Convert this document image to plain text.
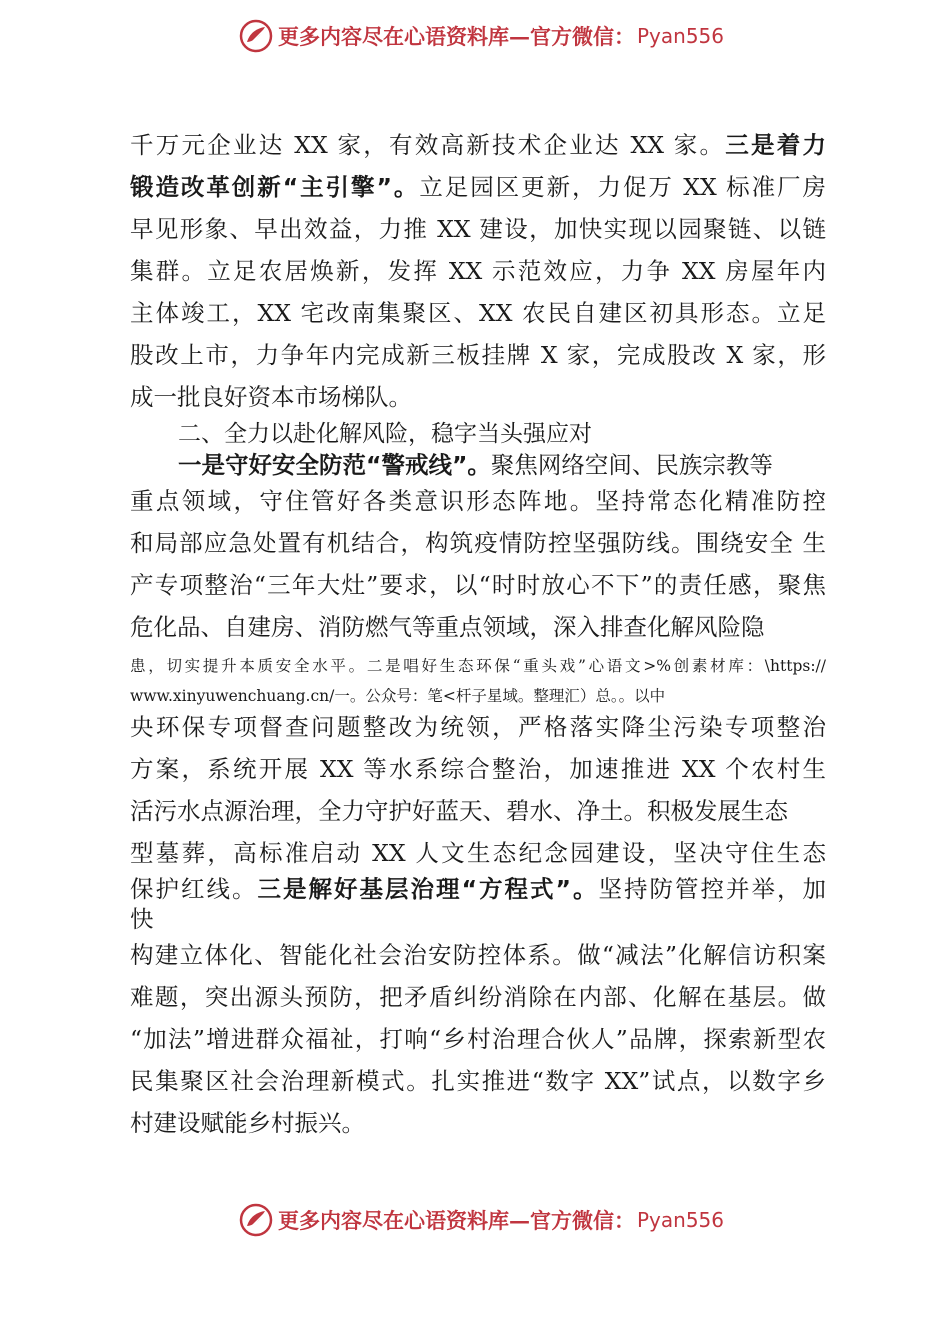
更多内容尽在心语资料库—官方微信： Pyan556
千万元企业达 XX 家，有效高新技术企业达 XX 家。三是着力
锻造改革创新“主引擎”。立足园区更新，力促万 XX 标准厂房
早见形象、早出效益，力推 XX 建设，加快实现以园聚链、以链
集群。立足农居焕新，发挥 XX 示范效应，力争 XX 房屋年内
主体竣工，XX 宅改南集聚区、XX 农民自建区初具形态。立足
股改上市，力争年内完成新三板挂牌 X 家，完成股改 X 家，形
成一批良好资本市场梯队。
二、全力以赴化解风险，稳字当头强应对
一是守好安全防范“警戒线”。聚焦网络空间、民族宗教等
重点领域，守住管好各类意识形态阵地。坚持常态化精准防控
和局部应急处置有机结合，构筑疫情防控坚强防线。围绕安全 生
产专项整治“三年大灶”要求，以“时时放心不下”的责任感，聚焦
危化品、自建房、消防燃气等重点领域，深入排查化解风险隐
患，切实提升本质安全水平。二是唱好生态环保“重头戏”心语文>%创素材库：\https://
www.xinyuwenchuang.cn/一。公众号：笔<杆子星域。整理汇）总。。以中
央环保专项督查问题整改为统领，严格落实降尘污染专项整治
方案，系统开展 XX 等水系综合整治，加速推进 XX 个农村生
活污水点源治理，全力守护好蓝天、碧水、净土。积极发展生态
型墓葬，高标准启动 XX 人文生态纪念园建设，坚决守住生态
保护红线。三是解好基层治理“方程式”。坚持防管控并举，加
快
构建立体化、智能化社会治安防控体系。做“减法”化解信访积案
难题，突出源头预防，把矛盾纠纷消除在内部、化解在基层。做
“加法”增进群众福祉，打响“乡村治理合伙人”品牌，探索新型农
民集聚区社会治理新模式。扎实推进“数字 XX”试点，以数字乡
村建设赋能乡村振兴。
更多内容尽在心语资料库—官方微信： Pyan556
